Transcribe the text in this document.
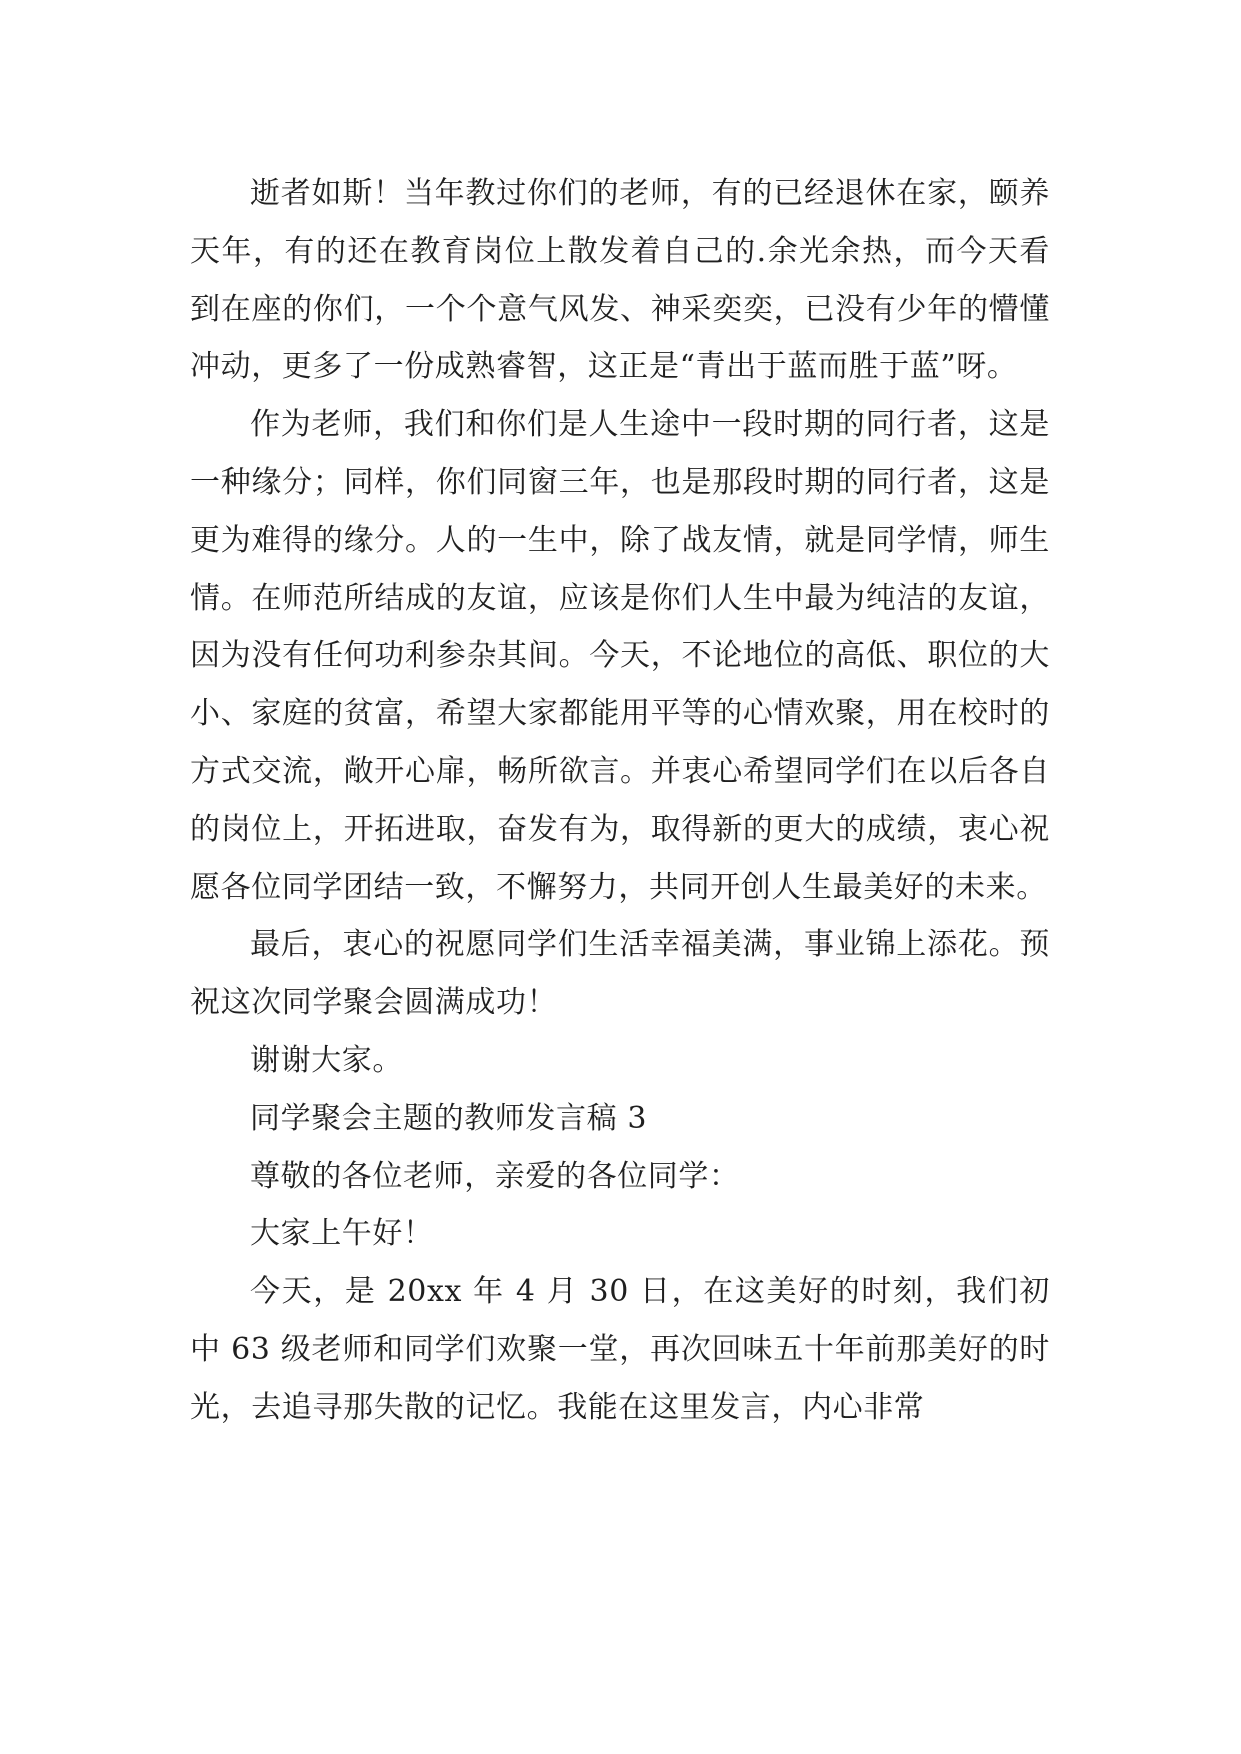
逝者如斯！当年教过你们的老师，有的已经退休在家，颐养天年，有的还在教育岗位上散发着自己的.余光余热，而今天看到在座的你们，一个个意气风发、神采奕奕，已没有少年的懵懂冲动，更多了一份成熟睿智，这正是“青出于蓝而胜于蓝”呀。

作为老师，我们和你们是人生途中一段时期的同行者，这是一种缘分；同样，你们同窗三年，也是那段时期的同行者，这是更为难得的缘分。人的一生中，除了战友情，就是同学情，师生情。在师范所结成的友谊，应该是你们人生中最为纯洁的友谊，因为没有任何功利参杂其间。今天，不论地位的高低、职位的大小、家庭的贫富，希望大家都能用平等的心情欢聚，用在校时的方式交流，敞开心扉，畅所欲言。并衷心希望同学们在以后各自的岗位上，开拓进取，奋发有为，取得新的更大的成绩，衷心祝愿各位同学团结一致，不懈努力，共同开创人生最美好的未来。

最后，衷心的祝愿同学们生活幸福美满，事业锦上添花。预祝这次同学聚会圆满成功！

谢谢大家。

同学聚会主题的教师发言稿 3

尊敬的各位老师，亲爱的各位同学：

大家上午好！

今天，是 20xx 年 4 月 30 日，在这美好的时刻，我们初中 63 级老师和同学们欢聚一堂，再次回味五十年前那美好的时光，去追寻那失散的记忆。我能在这里发言，内心非常
